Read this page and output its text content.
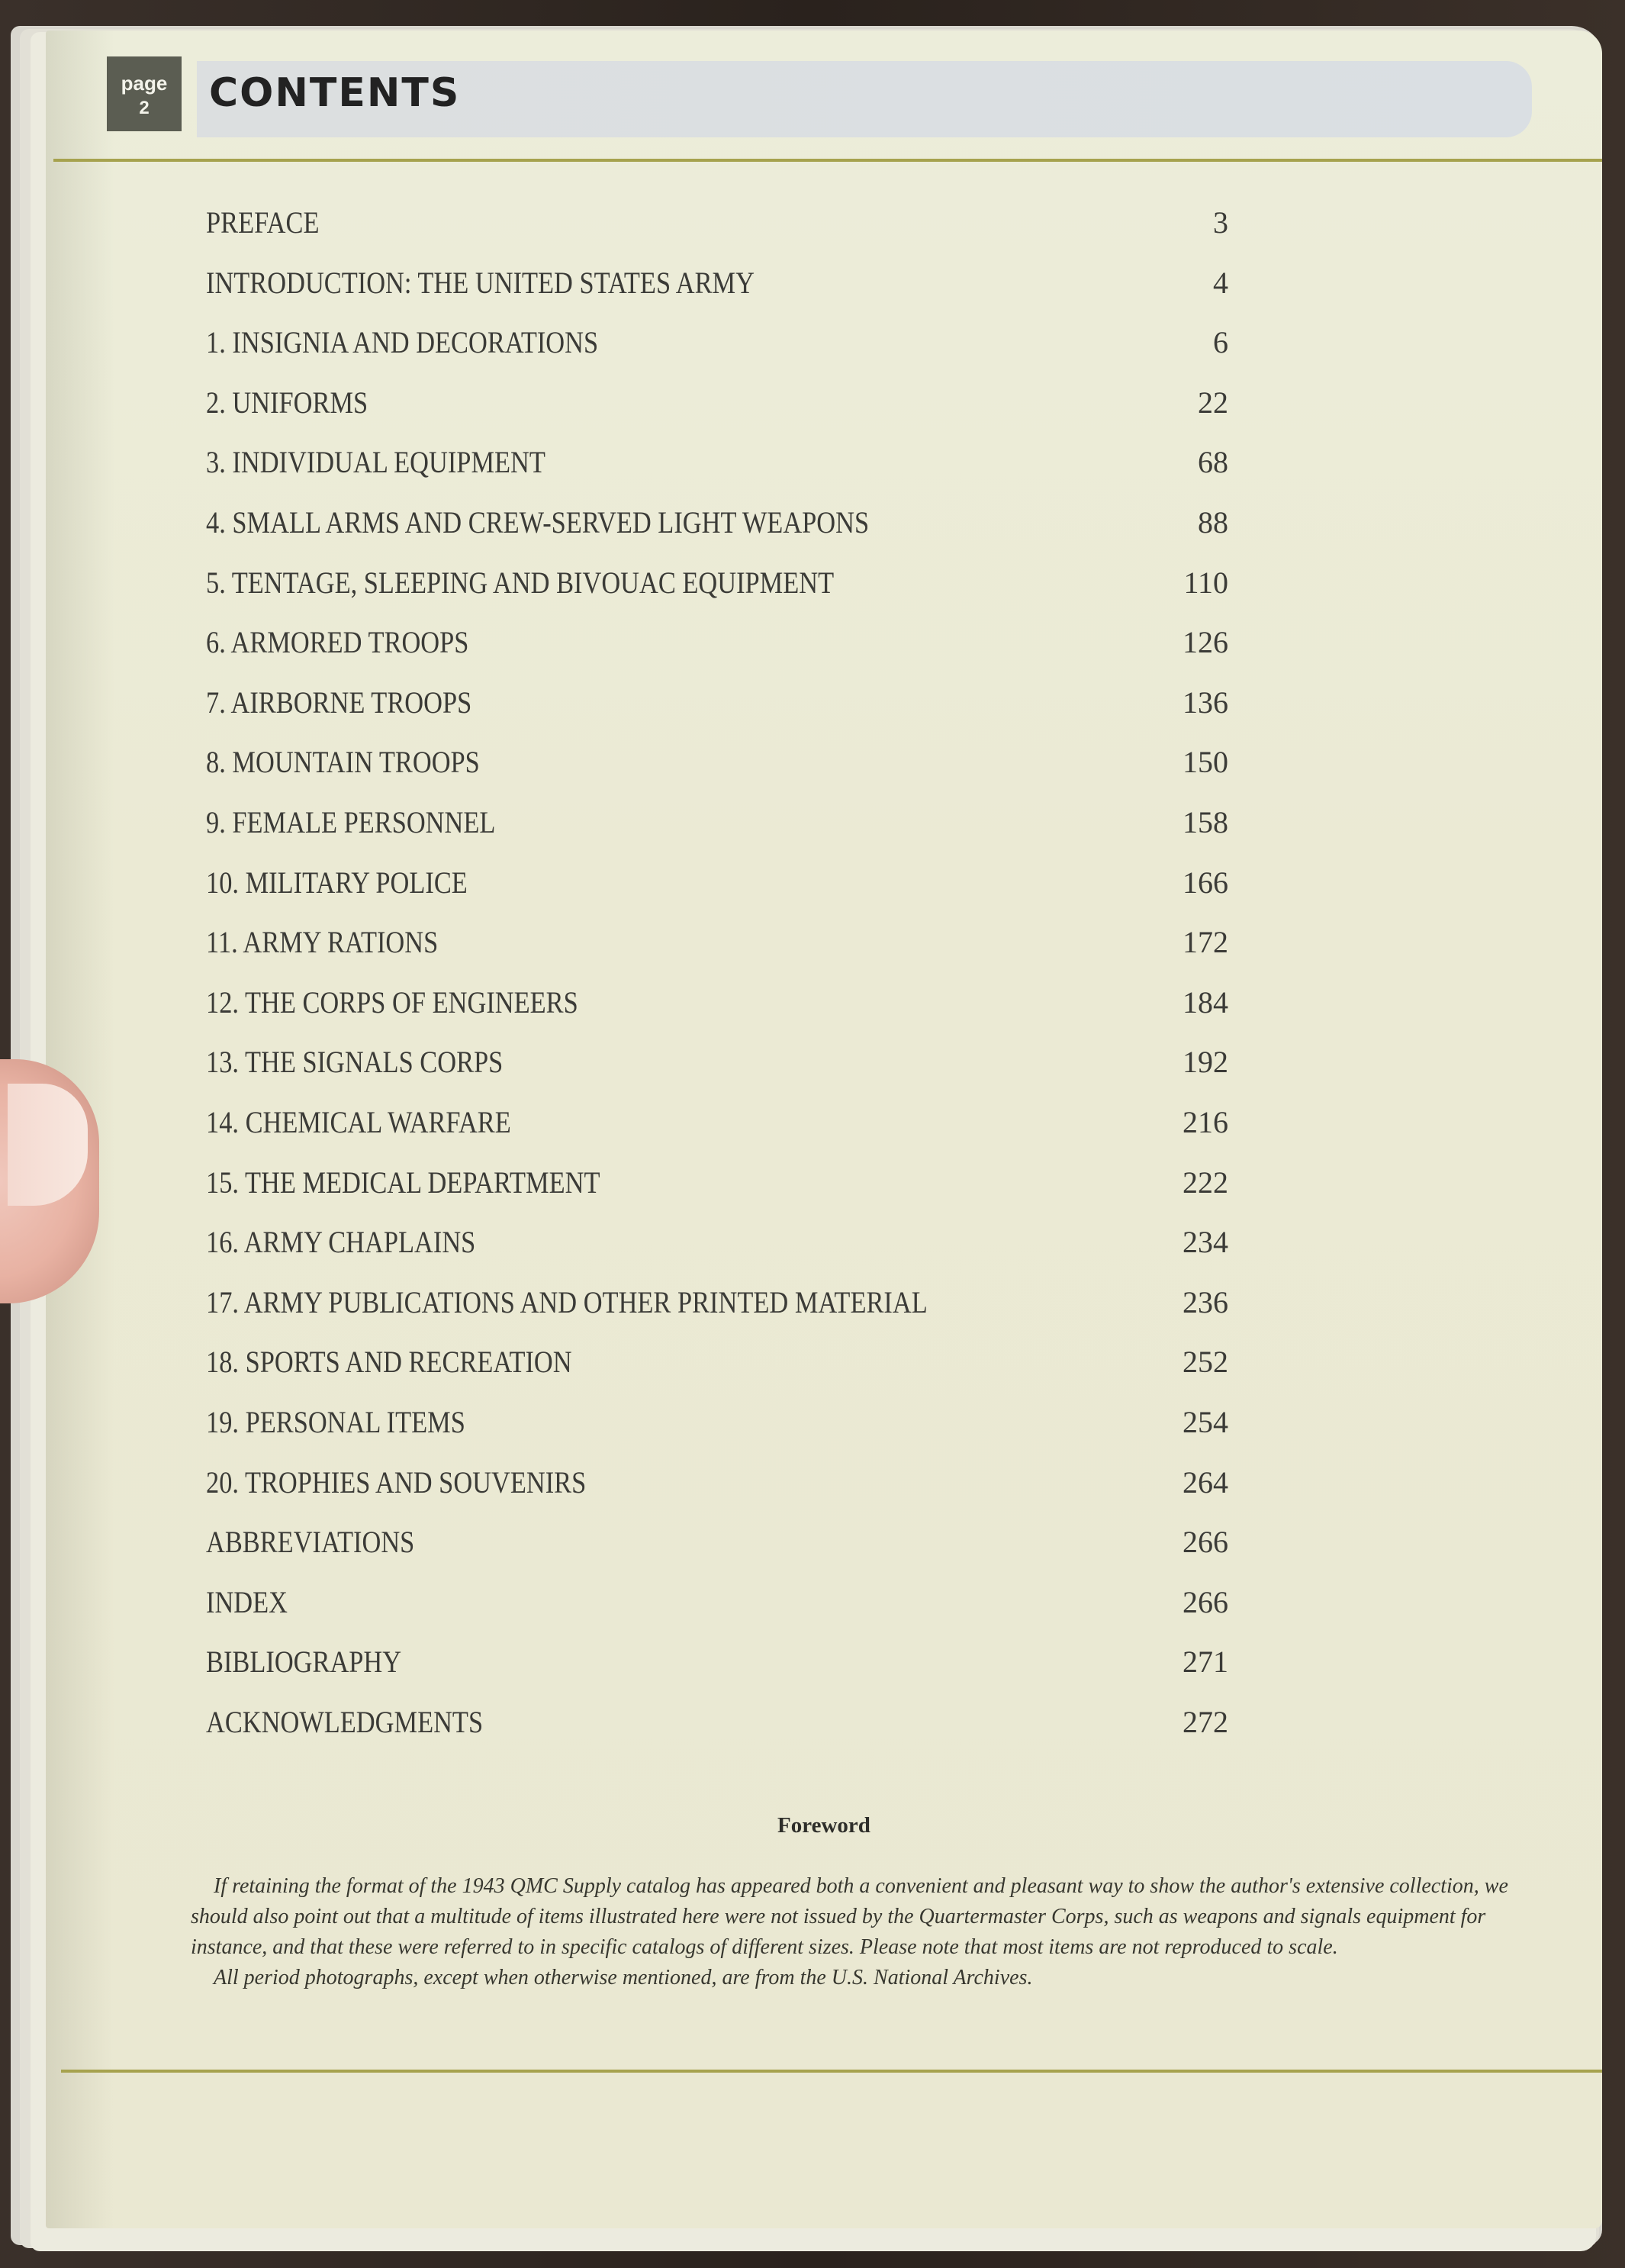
page
2	CONTENTS
PREFACE	3
INTRODUCTION: THE UNITED STATES ARMY	4
1. INSIGNIA AND DECORATIONS	6
2. UNIFORMS	22
3. INDIVIDUAL EQUIPMENT	68
4. SMALL ARMS AND CREW-SERVED LIGHT WEAPONS	88
5. TENTAGE, SLEEPING AND BIVOUAC EQUIPMENT	110
6. ARMORED TROOPS	126
7. AIRBORNE TROOPS	136
8. MOUNTAIN TROOPS	150
9. FEMALE PERSONNEL	158
10. MILITARY POLICE	166
11. ARMY RATIONS	172
12. THE CORPS OF ENGINEERS	184
13. THE SIGNALS CORPS	192
14. CHEMICAL WARFARE	216
15. THE MEDICAL DEPARTMENT	222
16. ARMY CHAPLAINS	234
17. ARMY PUBLICATIONS AND OTHER PRINTED MATERIAL	236
18. SPORTS AND RECREATION	252
19. PERSONAL ITEMS	254
20. TROPHIES AND SOUVENIRS	264
ABBREVIATIONS	266
INDEX	266
BIBLIOGRAPHY	271
ACKNOWLEDGMENTS	272
Foreword

If retaining the format of the 1943 QMC Supply catalog has appeared both a convenient and pleasant way to show the author's extensive collection, we should also point out that a multitude of items illustrated here were not issued by the Quartermaster Corps, such as weapons and signals equipment for instance, and that these were referred to in specific catalogs of different sizes. Please note that most items are not reproduced to scale.

All period photographs, except when otherwise mentioned, are from the U.S. National Archives.
